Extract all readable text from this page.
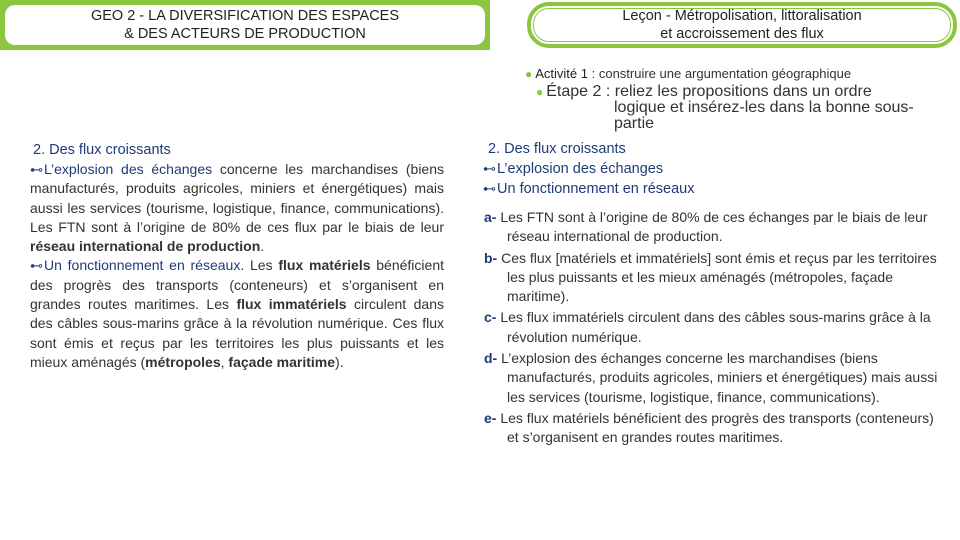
GEO 2 - LA DIVERSIFICATION DES ESPACES
& DES ACTEURS DE PRODUCTION
Leçon - Métropolisation, littoralisation
et accroissement des flux

2. Des flux croissants

⊷L’explosion des échanges concerne les marchandises (biens manufacturés, produits agricoles, miniers et énergétiques) mais aussi les services (tourisme, logistique, finance, communications). Les FTN sont à l’origine de 80% de ces flux par le biais de leur réseau international de production.

⊷Un fonctionnement en réseaux. Les flux matériels bénéficient des progrès des transports (conteneurs) et s’organisent en grandes routes maritimes. Les flux immatériels circulent dans des câbles sous-marins grâce à la révolution numérique. Ces flux sont émis et reçus par les territoires les plus puissants et les mieux aménagés (métropoles, façade maritime).

● Activité 1 : construire une argumentation géographique
● Étape 2 : reliez les propositions dans un ordre
logique et insérez-les dans la bonne sous-partie

2. Des flux croissants

⊷L’explosion des échanges

⊷Un fonctionnement en réseaux

a- Les FTN sont à l’origine de 80% de ces échanges par le biais de leur réseau international de production.

b- Ces flux [matériels et immatériels] sont émis et reçus par les territoires les plus puissants et les mieux aménagés (métropoles, façade maritime).

c- Les flux immatériels circulent dans des câbles sous-marins grâce à la révolution numérique.

d- L’explosion des échanges concerne les marchandises (biens manufacturés, produits agricoles, miniers et énergétiques) mais aussi les services (tourisme, logistique, finance, communications).

e- Les flux matériels bénéficient des progrès des transports (conteneurs) et s’organisent en grandes routes maritimes.
